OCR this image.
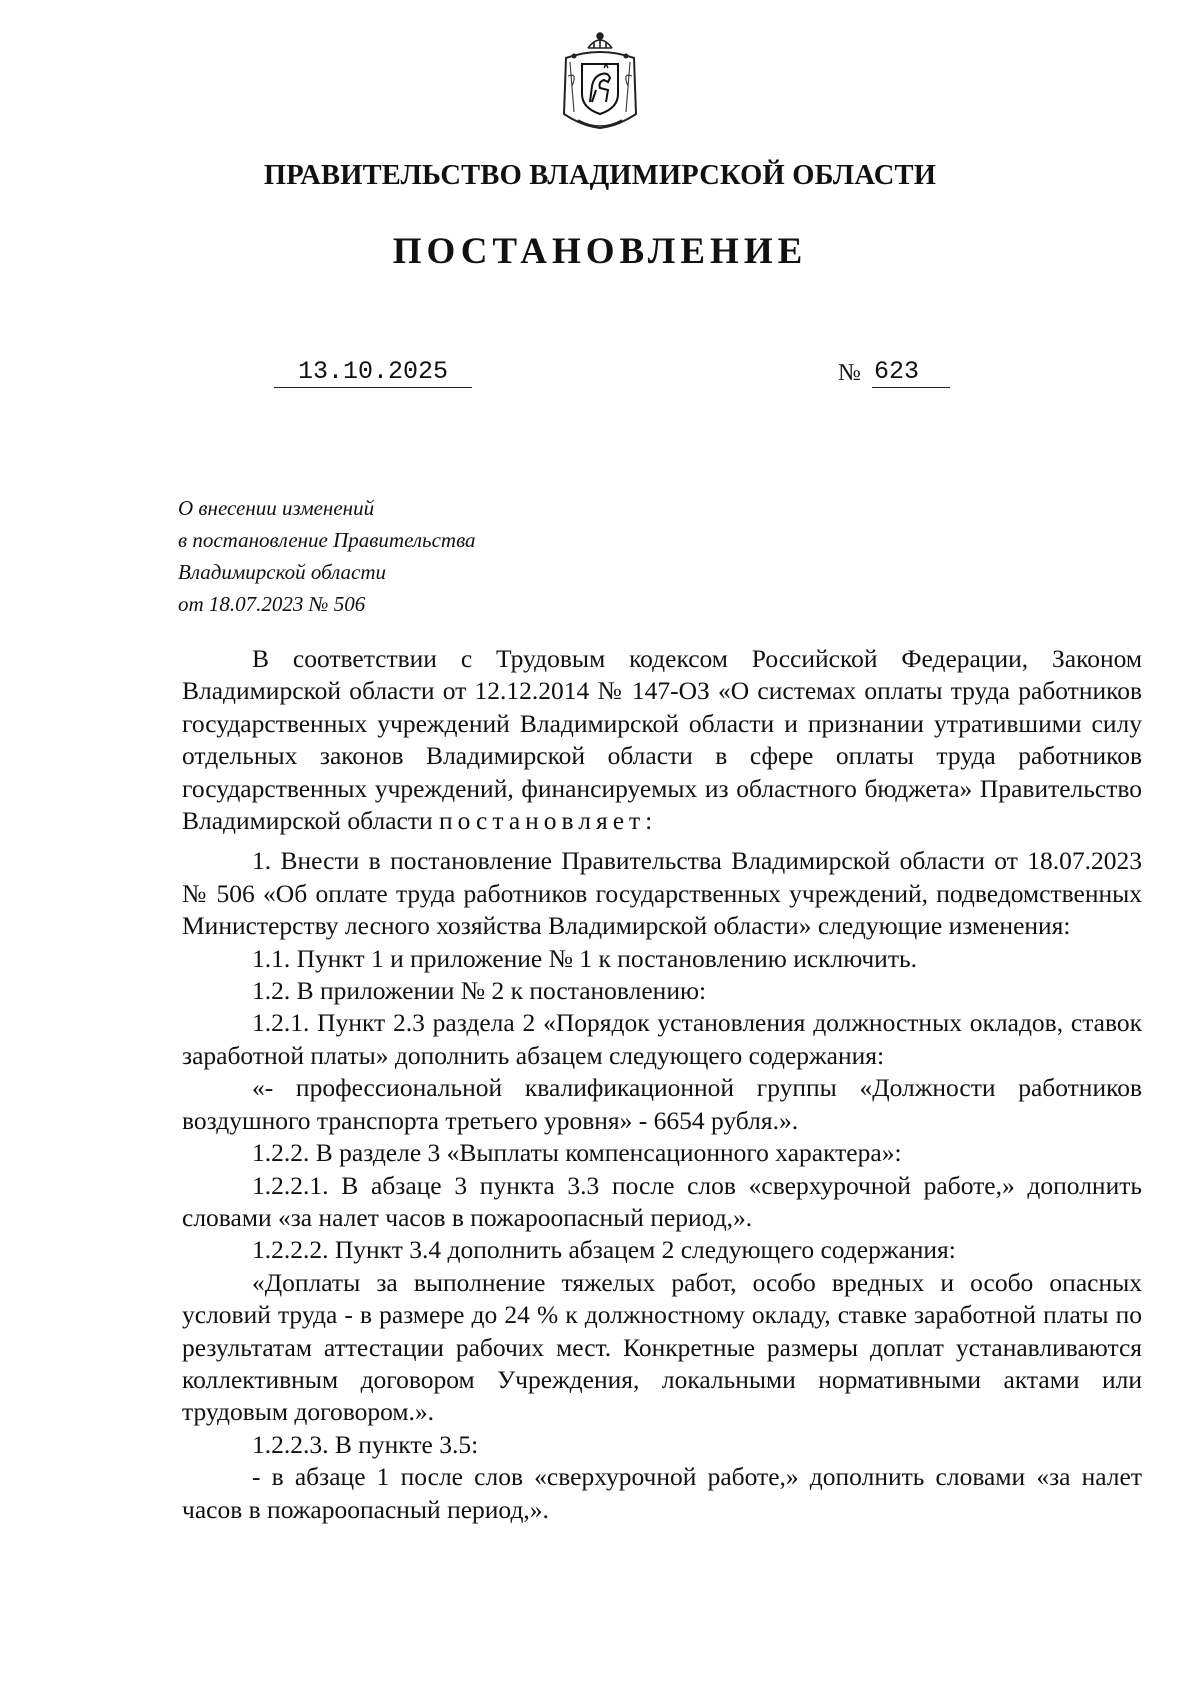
ПРАВИТЕЛЬСТВО ВЛАДИМИРСКОЙ ОБЛАСТИ
ПОСТАНОВЛЕНИЕ
13.10.2025	№ 623
О внесении изменений
в постановление Правительства
Владимирской области
от 18.07.2023 № 506

В соответствии с Трудовым кодексом Российской Федерации, Законом Владимирской области от 12.12.2014 № 147-ОЗ «О системах оплаты труда работников государственных учреждений Владимирской области и признании утратившими силу отдельных законов Владимирской области в сфере оплаты труда работников государственных учреждений, финансируемых из областного бюджета» Правительство Владимирской области постановляет:

1. Внести в постановление Правительства Владимирской области от 18.07.2023 № 506 «Об оплате труда работников государственных учреждений, подведомственных Министерству лесного хозяйства Владимирской области» следующие изменения:

1.1. Пункт 1 и приложение № 1 к постановлению исключить.

1.2. В приложении № 2 к постановлению:

1.2.1. Пункт 2.3 раздела 2 «Порядок установления должностных окладов, ставок заработной платы» дополнить абзацем следующего содержания:

«- профессиональной квалификационной группы «Должности работников воздушного транспорта третьего уровня» - 6654 рубля.».

1.2.2. В разделе 3 «Выплаты компенсационного характера»:

1.2.2.1. В абзаце 3 пункта 3.3 после слов «сверхурочной работе,» дополнить словами «за налет часов в пожароопасный период,».

1.2.2.2. Пункт 3.4 дополнить абзацем 2 следующего содержания:

«Доплаты за выполнение тяжелых работ, особо вредных и особо опасных условий труда - в размере до 24 % к должностному окладу, ставке заработной платы по результатам аттестации рабочих мест. Конкретные размеры доплат устанавливаются коллективным договором Учреждения, локальными нормативными актами или трудовым договором.».

1.2.2.3. В пункте 3.5:

- в абзаце 1 после слов «сверхурочной работе,» дополнить словами «за налет часов в пожароопасный период,».
